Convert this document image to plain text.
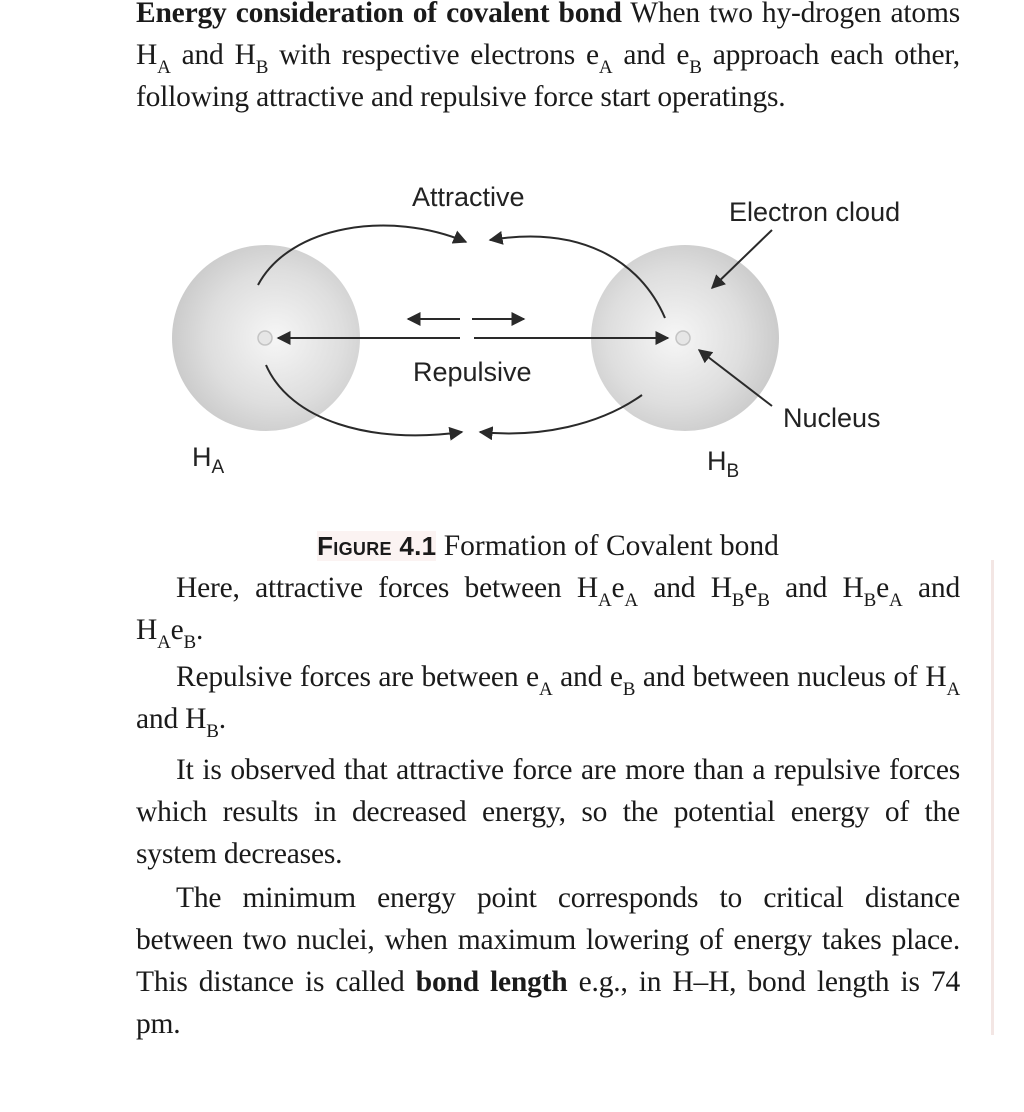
Energy consideration of covalent bond When two hy-drogen atoms $H_A$ and $H_B$ with respective electrons $e_A$ and $e_B$ approach each other, following attractive and repulsive force start operatings.

Attractive
Repulsive
Electron cloud
Nucleus
$H_A$	$H_B$
Figure 4.1 Formation of Covalent bond

Here, attractive forces between $H_Ae_A$ and $H_Be_B$ and $H_Be_A$ and $H_Ae_B$.

Repulsive forces are between $e_A$ and $e_B$ and between nucleus of $H_A$ and $H_B$.

It is observed that attractive force are more than a repulsive forces which results in decreased energy, so the potential energy of the system decreases.

The minimum energy point corresponds to critical distance between two nuclei, when maximum lowering of energy takes place. This distance is called bond length e.g., in H–H, bond length is 74 pm.
